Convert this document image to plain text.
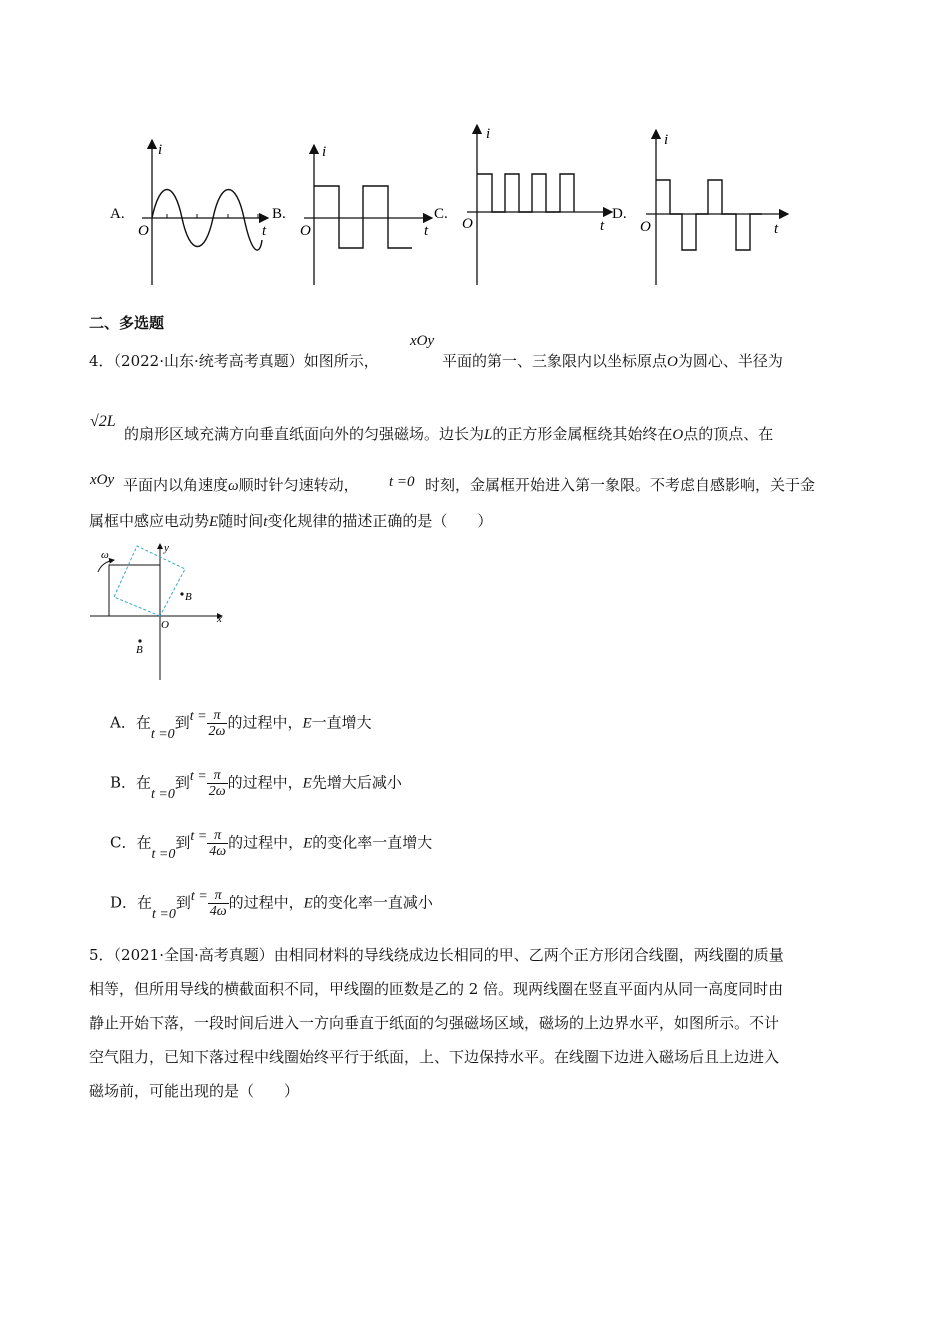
i
O	t
A.
i
O	t
B.
i
O	t
C.
i
O	t
D.
二、多选题
4．（2022·山东·统考高考真题）如图所示，
xOy
平面的第一、三象限内以坐标原点O为圆心、半径为
√2L
的扇形区域充满方向垂直纸面向外的匀强磁场。边长为L的正方形金属框绕其始终在O点的顶点、在
xOy 平面内以角速度ω顺时针匀速转动， t =0 时刻，金属框开始进入第一象限。不考虑自感影响，关于金
属框中感应电动势E随时间t变化规律的描述正确的是（　　）
ω
y
x
O
B
B
A．在t =0到$t = \frac{\pi}{2\omega}$ 的过程中，E一直增大
B．在t =0到$t = \frac{\pi}{2\omega}$ 的过程中，E先增大后减小
C．在t =0到$t = \frac{\pi}{4\omega}$ 的过程中，E的变化率一直增大
D．在t =0到$t = \frac{\pi}{4\omega}$ 的过程中，E的变化率一直减小
5．（2021·全国·高考真题）由相同材料的导线绕成边长相同的甲、乙两个正方形闭合线圈，两线圈的质量
相等，但所用导线的横截面积不同，甲线圈的匝数是乙的 2 倍。现两线圈在竖直平面内从同一高度同时由
静止开始下落，一段时间后进入一方向垂直于纸面的匀强磁场区域，磁场的上边界水平，如图所示。不计
空气阻力，已知下落过程中线圈始终平行于纸面，上、下边保持水平。在线圈下边进入磁场后且上边进入
磁场前，可能出现的是（　　）
